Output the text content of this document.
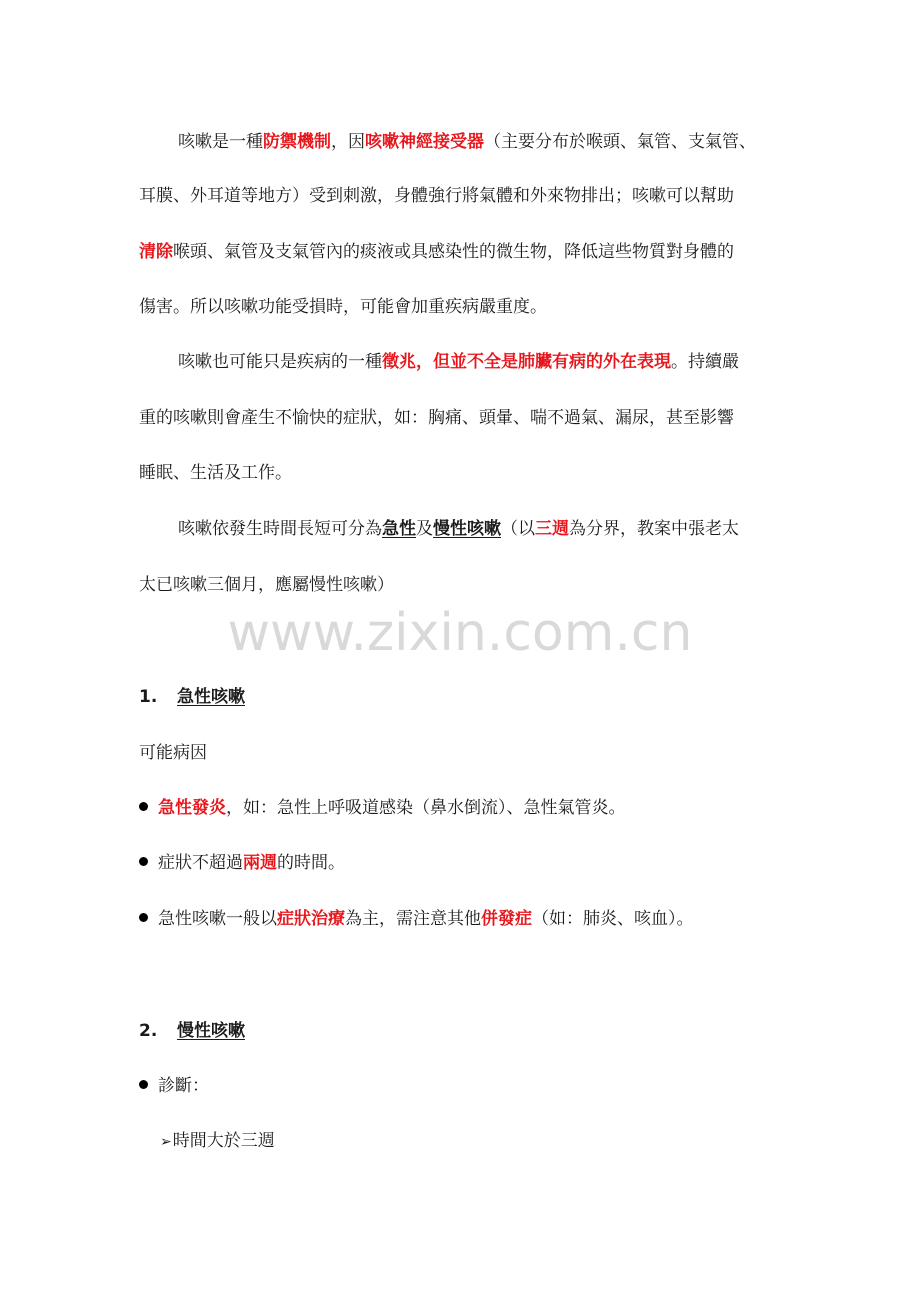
咳嗽是一種防禦機制，因咳嗽神經接受器（主要分布於喉頭、氣管、支氣管、
耳膜、外耳道等地方）受到刺激，身體強行將氣體和外來物排出；咳嗽可以幫助
清除喉頭、氣管及支氣管內的痰液或具感染性的微生物，降低這些物質對身體的
傷害。所以咳嗽功能受損時，可能會加重疾病嚴重度。
咳嗽也可能只是疾病的一種徵兆，但並不全是肺臟有病的外在表現。持續嚴
重的咳嗽則會產生不愉快的症狀，如：胸痛、頭暈、喘不過氣、漏尿，甚至影響
睡眠、生活及工作。
咳嗽依發生時間長短可分為急性及慢性咳嗽（以三週為分界，教案中張老太
太已咳嗽三個月，應屬慢性咳嗽）
www.zixin.com.cn
1. 急性咳嗽
可能病因
急性發炎，如：急性上呼吸道感染（鼻水倒流）、急性氣管炎。
症狀不超過兩週的時間。
急性咳嗽一般以症狀治療為主，需注意其他併發症（如：肺炎、咳血）。
2. 慢性咳嗽
診斷：
➢時間大於三週
